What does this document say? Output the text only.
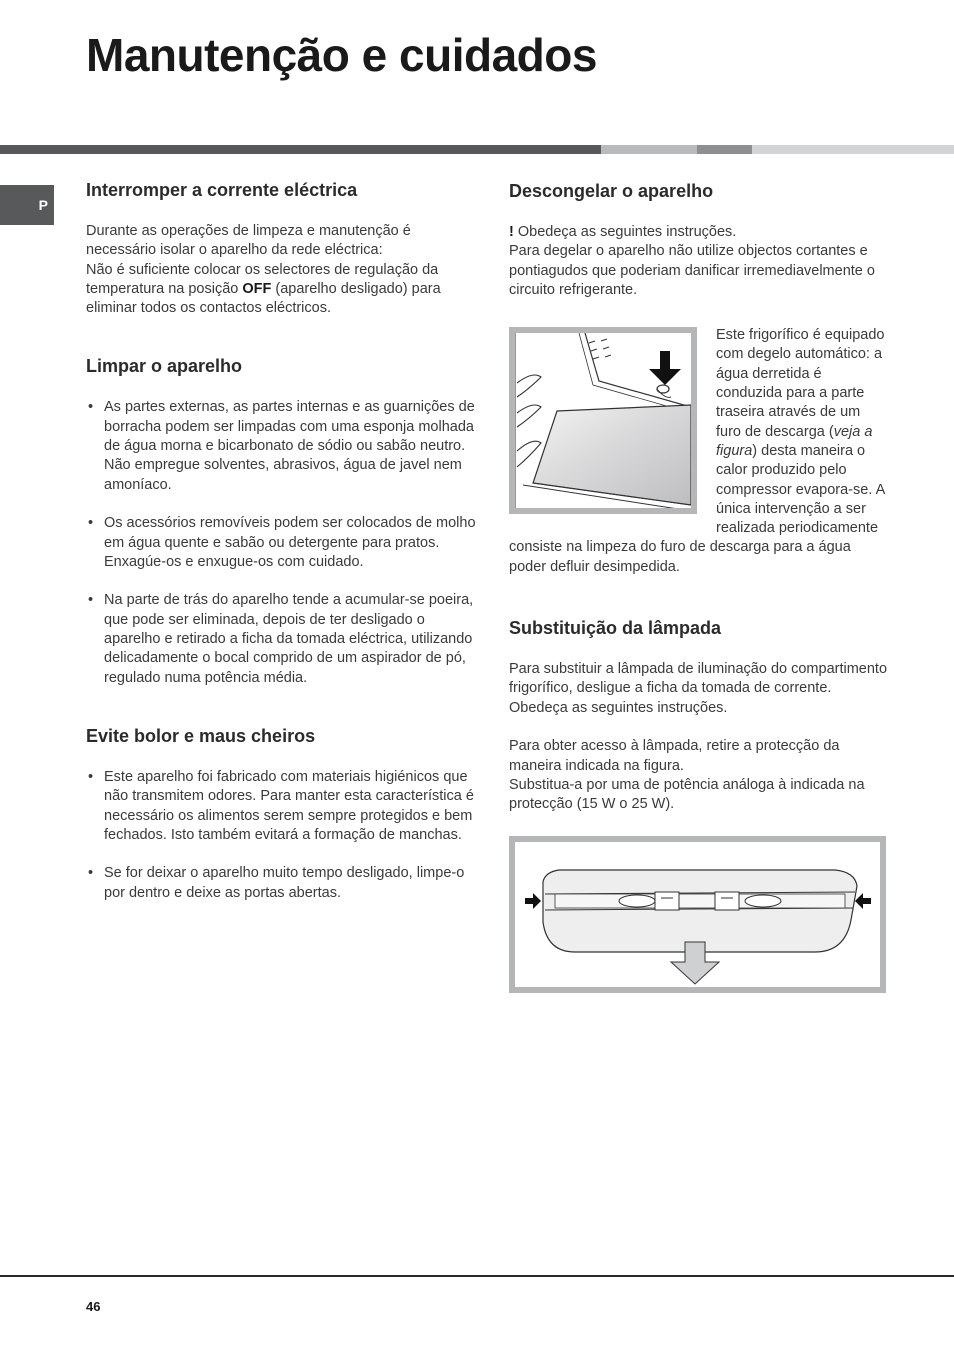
Manutenção e cuidados
P
Interromper a corrente eléctrica

Durante as operações de limpeza e manutenção é necessário isolar o aparelho da rede eléctrica:

Não é suficiente colocar os selectores de regulação da temperatura na posição OFF (aparelho desligado) para eliminar todos os contactos eléctricos.

Limpar o aparelho
• As partes externas, as partes internas e as guarnições de borracha podem ser limpadas com uma esponja molhada de água morna e bicarbonato de sódio ou sabão neutro. Não empregue solventes, abrasivos, água de javel nem amoníaco.
• Os acessórios removíveis podem ser colocados de molho em água quente e sabão ou detergente para pratos. Enxagúe-os e enxugue-os com cuidado.
• Na parte de trás do aparelho tende a acumular-se poeira, que pode ser eliminada, depois de ter desligado o aparelho e retirado a ficha da tomada eléctrica, utilizando delicadamente o bocal comprido de um aspirador de pó, regulado numa potência média.
Evite bolor e maus cheiros
• Este aparelho foi fabricado com materiais higiénicos que não transmitem odores. Para manter esta característica é necessário os alimentos serem sempre protegidos e bem fechados. Isto também evitará a formação de manchas.
• Se for deixar o aparelho muito tempo desligado, limpe-o por dentro e deixe as portas abertas.
Descongelar o aparelho

! Obedeça as seguintes instruções.

Para degelar o aparelho não utilize objectos cortantes e pontiagudos que poderiam danificar irremediavelmente o circuito refrigerante.

Este frigorífico é equipado com degelo automático: a água derretida é conduzida para a parte traseira através de um furo de descarga (veja a figura) desta maneira o calor produzido pelo compressor evapora-se. A única intervenção a ser realizada periodicamente consiste na limpeza do furo de descarga para a água poder defluir desimpedida.

Substituição da lâmpada

Para substituir a lâmpada de iluminação do compartimento frigorífico, desligue a ficha da tomada de corrente. Obedeça as seguintes instruções.

Para obter acesso à lâmpada, retire a protecção da maneira indicada na figura.

Substitua-a por uma de potência análoga à indicada na protecção (15 W o 25 W).

46
